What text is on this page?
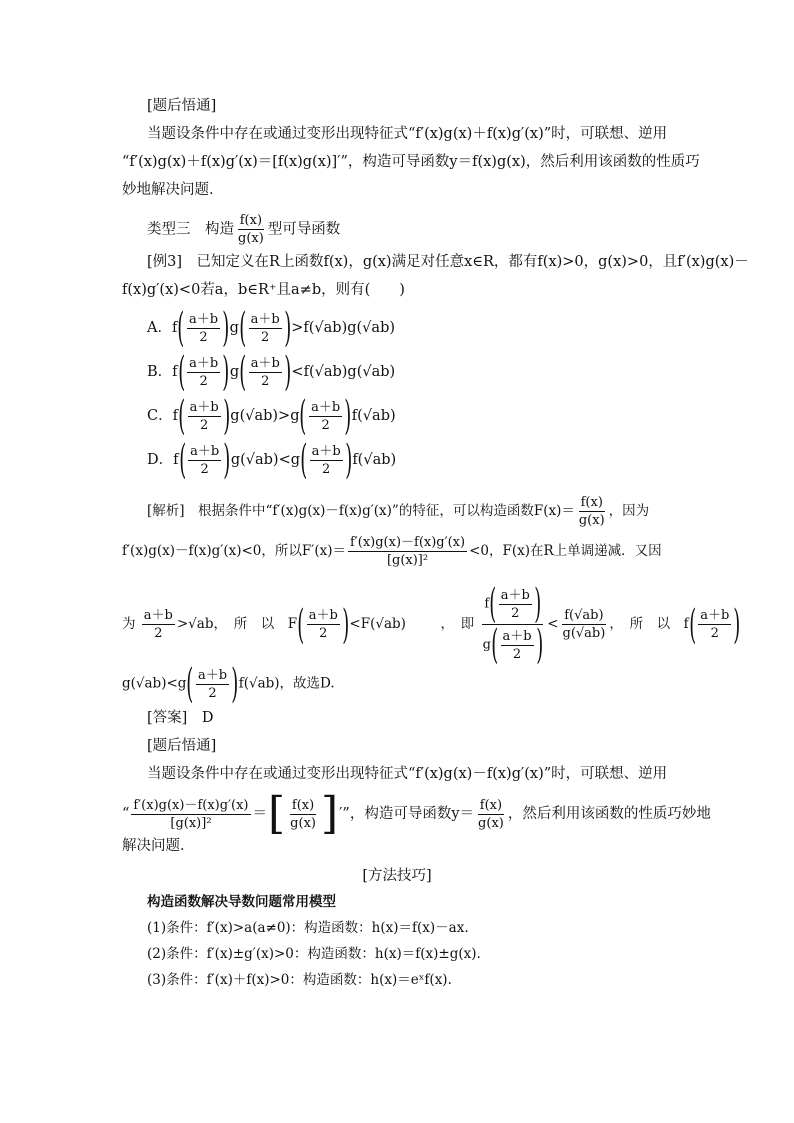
[题后悟通]
当题设条件中存在或通过变形出现特征式“f′(x)g(x)＋f(x)g′(x)”时，可联想、逆用
“f′(x)g(x)＋f(x)g′(x)＝[f(x)g(x)]′”，构造可导函数y＝f(x)g(x)，然后利用该函数的性质巧
妙地解决问题．
类型三　构造 $\frac{f(x)}{g(x)}$ 型可导函数
[例3]　已知定义在R上函数f(x)，g(x)满足对任意x∈R，都有f(x)>0，g(x)>0，且f′(x)g(x)－
f(x)g′(x)<0若a，b∈R⁺且a≠b，则有(　　)
A．$f( \frac{a+b}{2} )g( \frac{a+b}{2} )>f(√ab)g(√ab)$
B．$f( \frac{a+b}{2} )g( \frac{a+b}{2} )<f(√ab)g(√ab)$
C．$f( \frac{a+b}{2} )g(√ab)>g( \frac{a+b}{2} )f(√ab)$
D．$f( \frac{a+b}{2} )g(√ab)<g( \frac{a+b}{2} )f(√ab)$
[解析]　根据条件中“f′(x)g(x)－f(x)g′(x)”的特征，可以构造函数$F(x)= \frac{f(x)}{g(x)}$ ，因为
f′(x)g(x)－f(x)g′(x)<0，所以$F'(x)= \frac{f'(x)g(x)-f(x)g'(x)}{\text{[g(x)]²}} <0$，F(x)在R上单调递减．又因
为 $\frac{a+b}{2} >√ab$，　所　以　$F( \frac{a+b}{2} )<F(√ab)$	，　即 $\frac{f( \frac{a+b}{2} )}{g( \frac{a+b}{2} )} < \frac{f(√ab)}{g(√ab)}$ ，　所　以　$f( \frac{a+b}{2}$ )
$g(√ab)<g( \frac{a+b}{2} )f(√ab)$，故选D.
[答案]　D
[题后悟通]
当题设条件中存在或通过变形出现特征式“f′(x)g(x)－f(x)g′(x)”时，可联想、逆用
“ $\frac{f'(x)g(x)-f(x)g'(x)}{\text{[g(x)]²}}$ ＝[ $\frac{f(x)}{g(x)}$ ]′”，构造可导函数$y= \frac{f(x)}{g(x)}$ ，然后利用该函数的性质巧妙地
解决问题．
[方法技巧]
构造函数解决导数问题常用模型
(1)条件：f′(x)>a(a≠0)：构造函数：h(x)＝f(x)－ax.
(2)条件：f′(x)±g′(x)>0：构造函数：h(x)＝f(x)±g(x).
(3)条件：f′(x)＋f(x)>0：构造函数：h(x)＝eˣf(x).
